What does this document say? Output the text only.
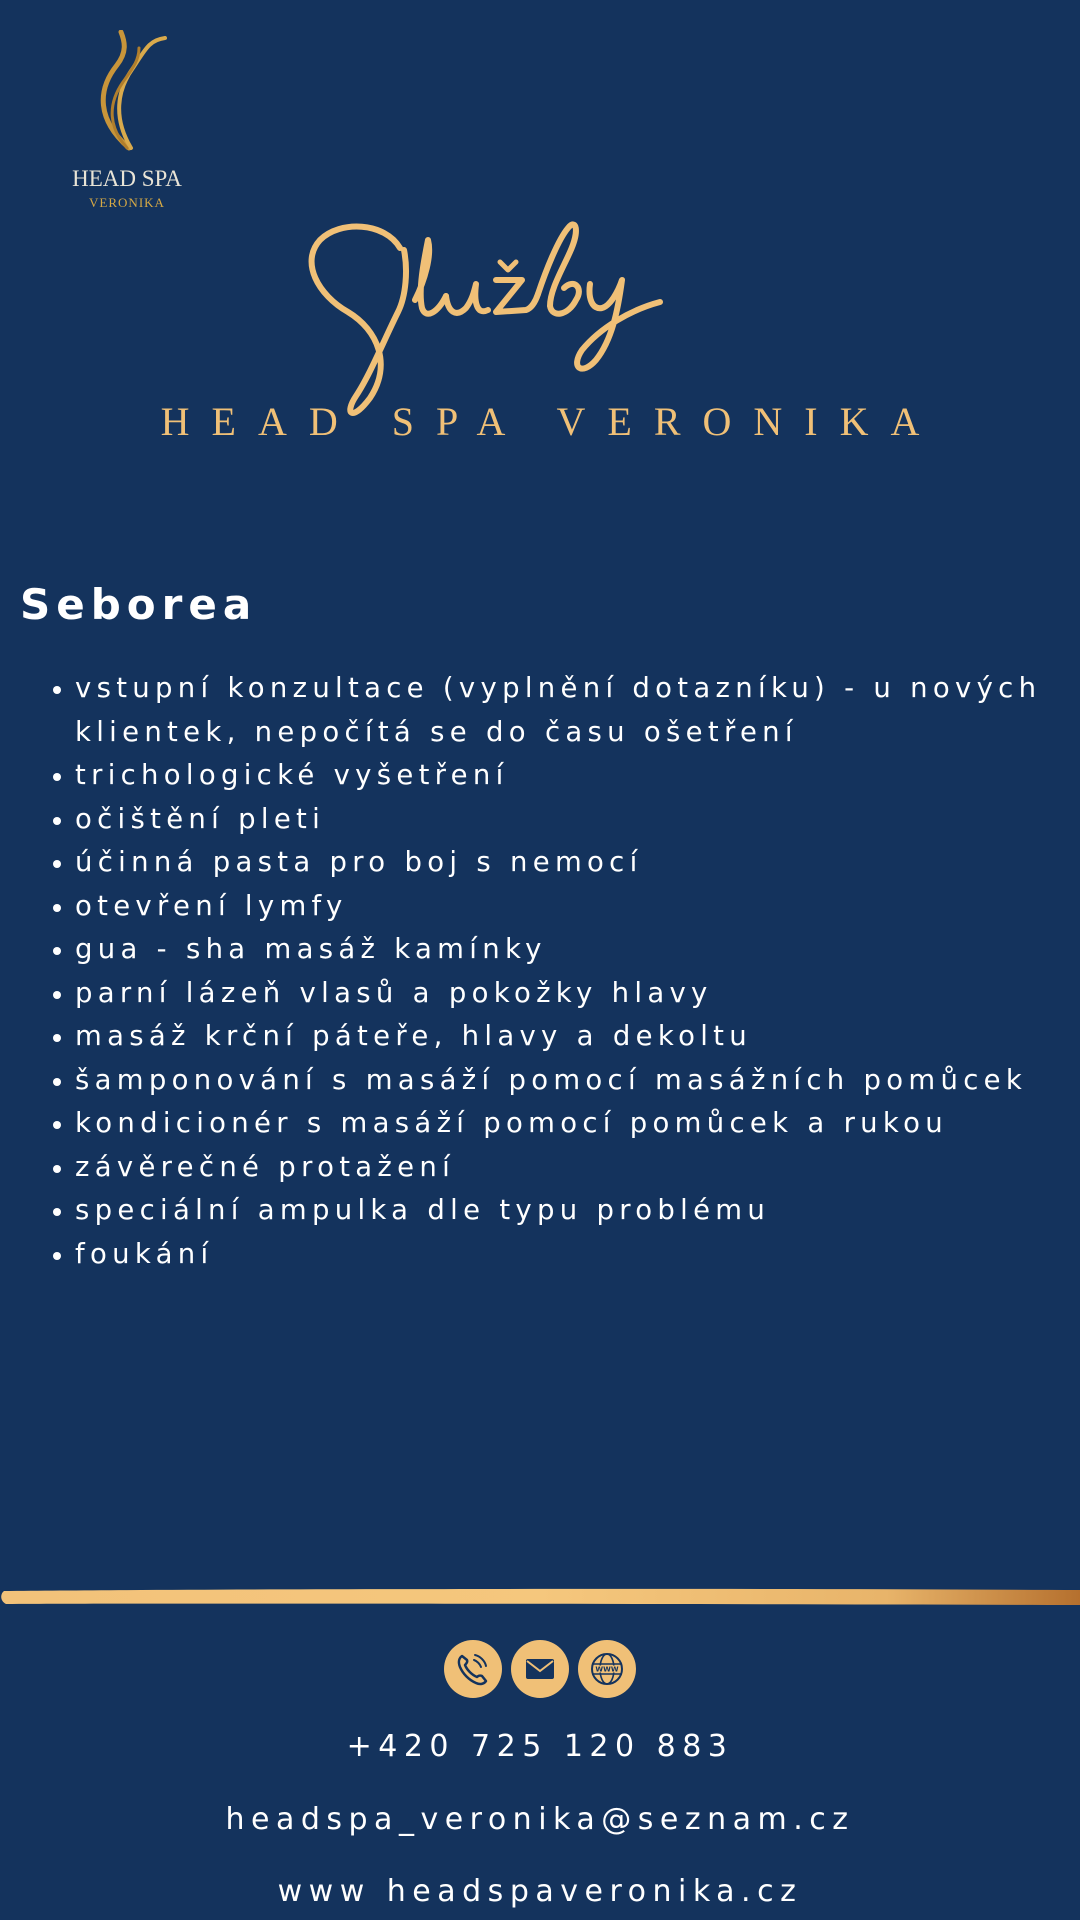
HEAD SPA
VERONIKA
HEAD SPA VERONIKA
Seborea
vstupní konzultace (vyplnění dotazníku) - u nových klientek, nepočítá se do času ošetření
trichologické vyšetření
očištění pleti
účinná pasta pro boj s nemocí
otevření lymfy
gua - sha masáž kamínky
parní lázeň vlasů a pokožky hlavy
masáž krční páteře, hlavy a dekoltu
šamponování s masáží pomocí masážních pomůcek
kondicionér s masáží pomocí pomůcek a rukou
závěrečné protažení
speciální ampulka dle typu problému
foukání
WWW
+420 725 120 883
headspa_veronika@seznam.cz
www headspaveronika.cz
